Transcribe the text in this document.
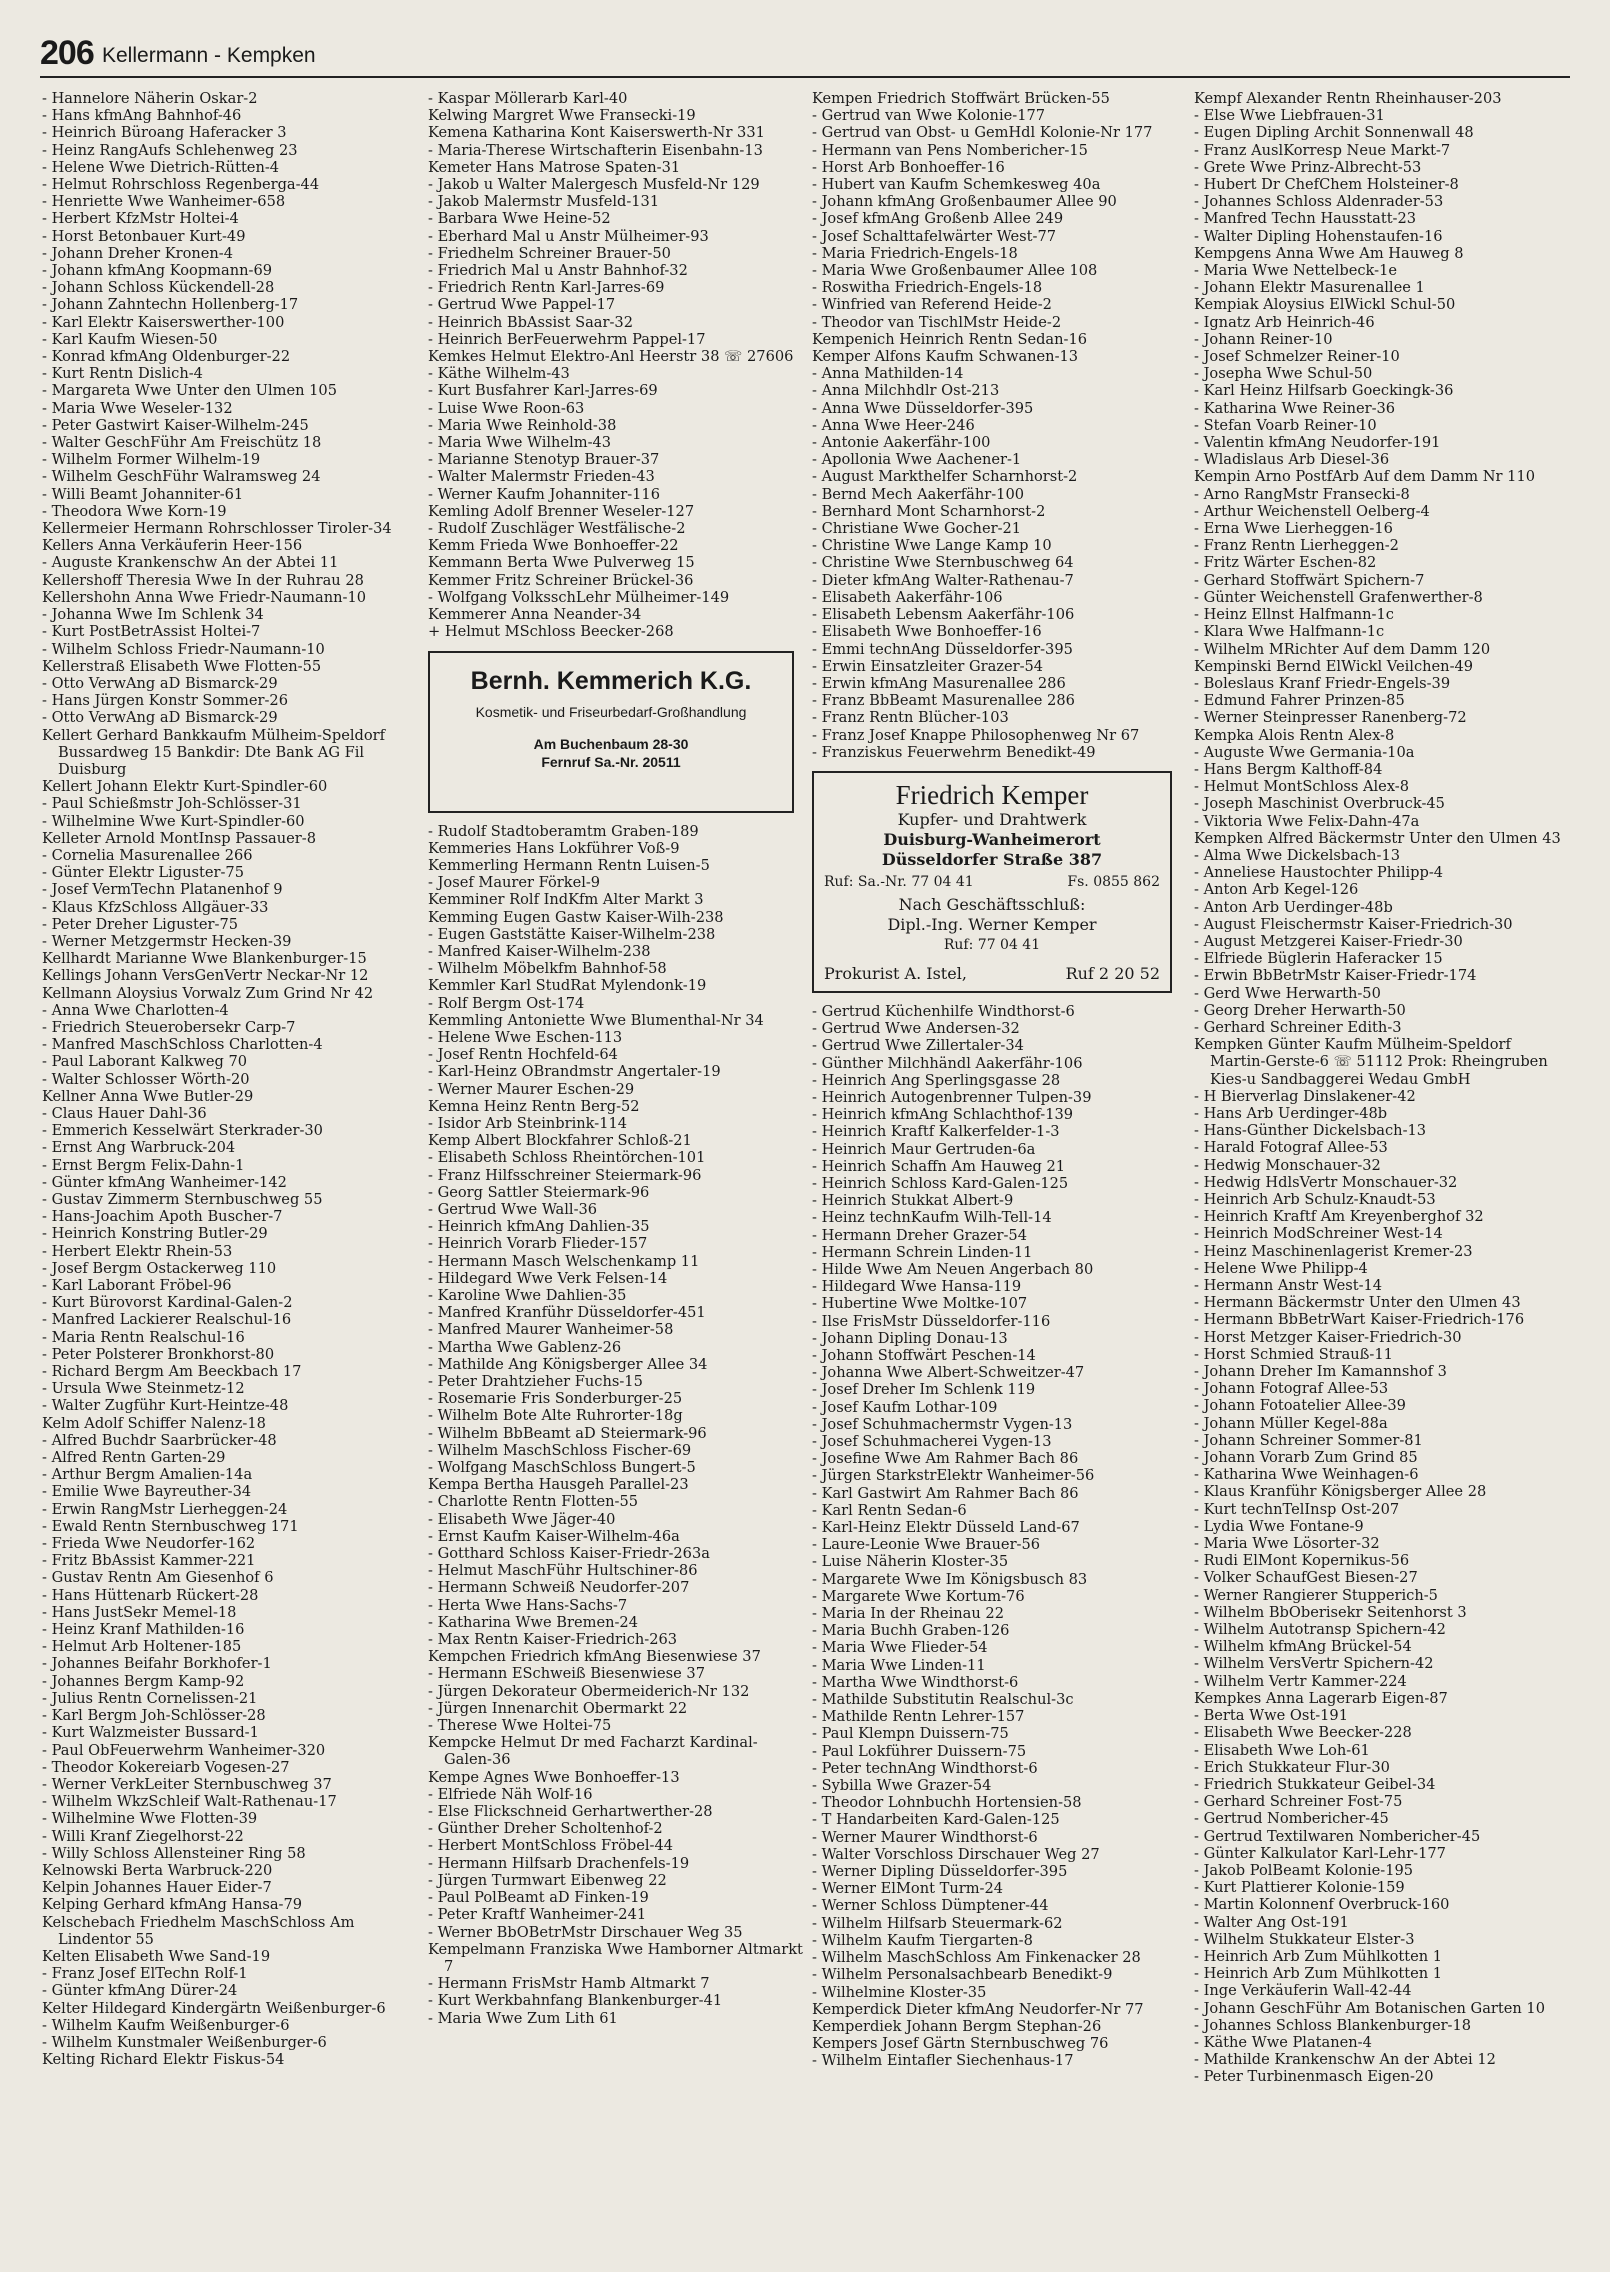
206 Kellermann - Kempken

- Hannelore Näherin Oskar-2

- Hans kfmAng Bahnhof-46

- Heinrich Büroang Haferacker 3

- Heinz RangAufs Schlehenweg 23

- Helene Wwe Dietrich-Rütten-4

- Helmut Rohrschloss Regenberga-44

- Henriette Wwe Wanheimer-658

- Herbert KfzMstr Holtei-4

- Horst Betonbauer Kurt-49

- Johann Dreher Kronen-4

- Johann kfmAng Koopmann-69

- Johann Schloss Kückendell-28

- Johann Zahntechn Hollenberg-17

- Karl Elektr Kaiserswerther-100

- Karl Kaufm Wiesen-50

- Konrad kfmAng Oldenburger-22

- Kurt Rentn Dislich-4

- Margareta Wwe Unter den Ulmen 105

- Maria Wwe Weseler-132

- Peter Gastwirt Kaiser-Wilhelm-245

- Walter GeschFühr Am Freischütz 18

- Wilhelm Former Wilhelm-19

- Wilhelm GeschFühr Walramsweg 24

- Willi Beamt Johanniter-61

- Theodora Wwe Korn-19

Kellermeier Hermann Rohrschlosser Tiroler-34

Kellers Anna Verkäuferin Heer-156

- Auguste Krankenschw An der Abtei 11

Kellershoff Theresia Wwe In der Ruhrau 28

Kellershohn Anna Wwe Friedr-Naumann-10

- Johanna Wwe Im Schlenk 34

- Kurt PostBetrAssist Holtei-7

- Wilhelm Schloss Friedr-Naumann-10

Kellerstraß Elisabeth Wwe Flotten-55

- Otto VerwAng aD Bismarck-29

- Hans Jürgen Konstr Sommer-26

- Otto VerwAng aD Bismarck-29

Kellert Gerhard Bankkaufm Mülheim-Speldorf Bussardweg 15 Bankdir: Dte Bank AG Fil Duisburg

Kellert Johann Elektr Kurt-Spindler-60

- Paul Schießmstr Joh-Schlösser-31

- Wilhelmine Wwe Kurt-Spindler-60

Kelleter Arnold MontInsp Passauer-8

- Cornelia Masurenallee 266

- Günter Elektr Liguster-75

- Josef VermTechn Platanenhof 9

- Klaus KfzSchloss Allgäuer-33

- Peter Dreher Liguster-75

- Werner Metzgermstr Hecken-39

Kellhardt Marianne Wwe Blankenburger-15

Kellings Johann VersGenVertr Neckar-Nr 12

Kellmann Aloysius Vorwalz Zum Grind Nr 42

- Anna Wwe Charlotten-4

- Friedrich Steuerobersekr Carp-7

- Manfred MaschSchloss Charlotten-4

- Paul Laborant Kalkweg 70

- Walter Schlosser Wörth-20

Kellner Anna Wwe Butler-29

- Claus Hauer Dahl-36

- Emmerich Kesselwärt Sterkrader-30

- Ernst Ang Warbruck-204

- Ernst Bergm Felix-Dahn-1

- Günter kfmAng Wanheimer-142

- Gustav Zimmerm Sternbuschweg 55

- Hans-Joachim Apoth Buscher-7

- Heinrich Konstring Butler-29

- Herbert Elektr Rhein-53

- Josef Bergm Ostackerweg 110

- Karl Laborant Fröbel-96

- Kurt Bürovorst Kardinal-Galen-2

- Manfred Lackierer Realschul-16

- Maria Rentn Realschul-16

- Peter Polsterer Bronkhorst-80

- Richard Bergm Am Beeckbach 17

- Ursula Wwe Steinmetz-12

- Walter Zugführ Kurt-Heintze-48

Kelm Adolf Schiffer Nalenz-18

- Alfred Buchdr Saarbrücker-48

- Alfred Rentn Garten-29

- Arthur Bergm Amalien-14a

- Emilie Wwe Bayreuther-34

- Erwin RangMstr Lierheggen-24

- Ewald Rentn Sternbuschweg 171

- Frieda Wwe Neudorfer-162

- Fritz BbAssist Kammer-221

- Gustav Rentn Am Giesenhof 6

- Hans Hüttenarb Rückert-28

- Hans JustSekr Memel-18

- Heinz Kranf Mathilden-16

- Helmut Arb Holtener-185

- Johannes Beifahr Borkhofer-1

- Johannes Bergm Kamp-92

- Julius Rentn Cornelissen-21

- Karl Bergm Joh-Schlösser-28

- Kurt Walzmeister Bussard-1

- Paul ObFeuerwehrm Wanheimer-320

- Theodor Kokereiarb Vogesen-27

- Werner VerkLeiter Sternbuschweg 37

- Wilhelm WkzSchleif Walt-Rathenau-17

- Wilhelmine Wwe Flotten-39

- Willi Kranf Ziegelhorst-22

- Willy Schloss Allensteiner Ring 58

Kelnowski Berta Warbruck-220

Kelpin Johannes Hauer Eider-7

Kelping Gerhard kfmAng Hansa-79

Kelschebach Friedhelm MaschSchloss Am Lindentor 55

Kelten Elisabeth Wwe Sand-19

- Franz Josef ElTechn Rolf-1

- Günter kfmAng Dürer-24

Kelter Hildegard Kindergärtn Weißenburger-6

- Wilhelm Kaufm Weißenburger-6

- Wilhelm Kunstmaler Weißenburger-6

Kelting Richard Elektr Fiskus-54

- Kaspar Möllerarb Karl-40

Kelwing Margret Wwe Fransecki-19

Kemena Katharina Kont Kaiserswerth-Nr 331

- Maria-Therese Wirtschafterin Eisenbahn-13

Kemeter Hans Matrose Spaten-31

- Jakob u Walter Malergesch Musfeld-Nr 129

- Jakob Malermstr Musfeld-131

- Barbara Wwe Heine-52

- Eberhard Mal u Anstr Mülheimer-93

- Friedhelm Schreiner Brauer-50

- Friedrich Mal u Anstr Bahnhof-32

- Friedrich Rentn Karl-Jarres-69

- Gertrud Wwe Pappel-17

- Heinrich BbAssist Saar-32

- Heinrich BerFeuerwehrm Pappel-17

Kemkes Helmut Elektro-Anl Heerstr 38 ☏ 27606

- Käthe Wilhelm-43

- Kurt Busfahrer Karl-Jarres-69

- Luise Wwe Roon-63

- Maria Wwe Reinhold-38

- Maria Wwe Wilhelm-43

- Marianne Stenotyp Brauer-37

- Walter Malermstr Frieden-43

- Werner Kaufm Johanniter-116

Kemling Adolf Brenner Weseler-127

- Rudolf Zuschläger Westfälische-2

Kemm Frieda Wwe Bonhoeffer-22

Kemmann Berta Wwe Pulverweg 15

Kemmer Fritz Schreiner Brückel-36

- Wolfgang VolksschLehr Mülheimer-149

Kemmerer Anna Neander-34

+ Helmut MSchloss Beecker-268

Bernh. Kemmerich K.G.
Kosmetik- und Friseurbedarf-Großhandlung
Am Buchenbaum 28-30
Fernruf Sa.-Nr. 20511

- Rudolf Stadtoberamtm Graben-189

Kemmeries Hans Lokführer Voß-9

Kemmerling Hermann Rentn Luisen-5

- Josef Maurer Förkel-9

Kemminer Rolf IndKfm Alter Markt 3

Kemming Eugen Gastw Kaiser-Wilh-238

- Eugen Gaststätte Kaiser-Wilhelm-238

- Manfred Kaiser-Wilhelm-238

- Wilhelm Möbelkfm Bahnhof-58

Kemmler Karl StudRat Mylendonk-19

- Rolf Bergm Ost-174

Kemmling Antoniette Wwe Blumenthal-Nr 34

- Helene Wwe Eschen-113

- Josef Rentn Hochfeld-64

- Karl-Heinz OBrandmstr Angertaler-19

- Werner Maurer Eschen-29

Kemna Heinz Rentn Berg-52

- Isidor Arb Steinbrink-114

Kemp Albert Blockfahrer Schloß-21

- Elisabeth Schloss Rheintörchen-101

- Franz Hilfsschreiner Steiermark-96

- Georg Sattler Steiermark-96

- Gertrud Wwe Wall-36

- Heinrich kfmAng Dahlien-35

- Heinrich Vorarb Flieder-157

- Hermann Masch Welschenkamp 11

- Hildegard Wwe Verk Felsen-14

- Karoline Wwe Dahlien-35

- Manfred Kranführ Düsseldorfer-451

- Manfred Maurer Wanheimer-58

- Martha Wwe Gablenz-26

- Mathilde Ang Königsberger Allee 34

- Peter Drahtzieher Fuchs-15

- Rosemarie Fris Sonderburger-25

- Wilhelm Bote Alte Ruhrorter-18g

- Wilhelm BbBeamt aD Steiermark-96

- Wilhelm MaschSchloss Fischer-69

- Wolfgang MaschSchloss Bungert-5

Kempa Bertha Hausgeh Parallel-23

- Charlotte Rentn Flotten-55

- Elisabeth Wwe Jäger-40

- Ernst Kaufm Kaiser-Wilhelm-46a

- Gotthard Schloss Kaiser-Friedr-263a

- Helmut MaschFühr Hultschiner-86

- Hermann Schweiß Neudorfer-207

- Herta Wwe Hans-Sachs-7

- Katharina Wwe Bremen-24

- Max Rentn Kaiser-Friedrich-263

Kempchen Friedrich kfmAng Biesenwiese 37

- Hermann ESchweiß Biesenwiese 37

- Jürgen Dekorateur Obermeiderich-Nr 132

- Jürgen Innenarchit Obermarkt 22

- Therese Wwe Holtei-75

Kempcke Helmut Dr med Facharzt Kardinal-Galen-36

Kempe Agnes Wwe Bonhoeffer-13

- Elfriede Näh Wolf-16

- Else Flickschneid Gerhartwerther-28

- Günther Dreher Scholtenhof-2

- Herbert MontSchloss Fröbel-44

- Hermann Hilfsarb Drachenfels-19

- Jürgen Turmwart Eibenweg 22

- Paul PolBeamt aD Finken-19

- Peter Kraftf Wanheimer-241

- Werner BbOBetrMstr Dirschauer Weg 35

Kempelmann Franziska Wwe Hamborner Altmarkt 7

- Hermann FrisMstr Hamb Altmarkt 7

- Kurt Werkbahnfang Blankenburger-41

- Maria Wwe Zum Lith 61

Kempen Friedrich Stoffwärt Brücken-55

- Gertrud van Wwe Kolonie-177

- Gertrud van Obst- u GemHdl Kolonie-Nr 177

- Hermann van Pens Nombericher-15

- Horst Arb Bonhoeffer-16

- Hubert van Kaufm Schemkesweg 40a

- Johann kfmAng Großenbaumer Allee 90

- Josef kfmAng Großenb Allee 249

- Josef Schalttafelwärter West-77

- Maria Friedrich-Engels-18

- Maria Wwe Großenbaumer Allee 108

- Roswitha Friedrich-Engels-18

- Winfried van Referend Heide-2

- Theodor van TischlMstr Heide-2

Kempenich Heinrich Rentn Sedan-16

Kemper Alfons Kaufm Schwanen-13

- Anna Mathilden-14

- Anna Milchhdlr Ost-213

- Anna Wwe Düsseldorfer-395

- Anna Wwe Heer-246

- Antonie Aakerfähr-100

- Apollonia Wwe Aachener-1

- August Markthelfer Scharnhorst-2

- Bernd Mech Aakerfähr-100

- Bernhard Mont Scharnhorst-2

- Christiane Wwe Gocher-21

- Christine Wwe Lange Kamp 10

- Christine Wwe Sternbuschweg 64

- Dieter kfmAng Walter-Rathenau-7

- Elisabeth Aakerfähr-106

- Elisabeth Lebensm Aakerfähr-106

- Elisabeth Wwe Bonhoeffer-16

- Emmi technAng Düsseldorfer-395

- Erwin Einsatzleiter Grazer-54

- Erwin kfmAng Masurenallee 286

- Franz BbBeamt Masurenallee 286

- Franz Rentn Blücher-103

- Franz Josef Knappe Philosophenweg Nr 67

- Franziskus Feuerwehrm Benedikt-49

Friedrich Kemper
Kupfer- und Drahtwerk
Duisburg-Wanheimerort
Düsseldorfer Straße 387
Ruf: Sa.-Nr. 77 04 41	Fs. 0855 862
Nach Geschäftsschluß:
Dipl.-Ing. Werner Kemper
Ruf: 77 04 41
Prokurist A. Istel,	Ruf 2 20 52

- Gertrud Küchenhilfe Windthorst-6

- Gertrud Wwe Andersen-32

- Gertrud Wwe Zillertaler-34

- Günther Milchhändl Aakerfähr-106

- Heinrich Ang Sperlingsgasse 28

- Heinrich Autogenbrenner Tulpen-39

- Heinrich kfmAng Schlachthof-139

- Heinrich Kraftf Kalkerfelder-1-3

- Heinrich Maur Gertruden-6a

- Heinrich Schaffn Am Hauweg 21

- Heinrich Schloss Kard-Galen-125

- Heinrich Stukkat Albert-9

- Heinz technKaufm Wilh-Tell-14

- Hermann Dreher Grazer-54

- Hermann Schrein Linden-11

- Hilde Wwe Am Neuen Angerbach 80

- Hildegard Wwe Hansa-119

- Hubertine Wwe Moltke-107

- Ilse FrisMstr Düsseldorfer-116

- Johann Dipling Donau-13

- Johann Stoffwärt Peschen-14

- Johanna Wwe Albert-Schweitzer-47

- Josef Dreher Im Schlenk 119

- Josef Kaufm Lothar-109

- Josef Schuhmachermstr Vygen-13

- Josef Schuhmacherei Vygen-13

- Josefine Wwe Am Rahmer Bach 86

- Jürgen StarkstrElektr Wanheimer-56

- Karl Gastwirt Am Rahmer Bach 86

- Karl Rentn Sedan-6

- Karl-Heinz Elektr Düsseld Land-67

- Laure-Leonie Wwe Brauer-56

- Luise Näherin Kloster-35

- Margarete Wwe Im Königsbusch 83

- Margarete Wwe Kortum-76

- Maria In der Rheinau 22

- Maria Buchh Graben-126

- Maria Wwe Flieder-54

- Maria Wwe Linden-11

- Martha Wwe Windthorst-6

- Mathilde Substitutin Realschul-3c

- Mathilde Rentn Lehrer-157

- Paul Klempn Duissern-75

- Paul Lokführer Duissern-75

- Peter technAng Windthorst-6

- Sybilla Wwe Grazer-54

- Theodor Lohnbuchh Hortensien-58

- T Handarbeiten Kard-Galen-125

- Werner Maurer Windthorst-6

- Walter Vorschloss Dirschauer Weg 27

- Werner Dipling Düsseldorfer-395

- Werner ElMont Turm-24

- Werner Schloss Dümptener-44

- Wilhelm Hilfsarb Steuermark-62

- Wilhelm Kaufm Tiergarten-8

- Wilhelm MaschSchloss Am Finkenacker 28

- Wilhelm Personalsachbearb Benedikt-9

- Wilhelmine Kloster-35

Kemperdick Dieter kfmAng Neudorfer-Nr 77

Kemperdiek Johann Bergm Stephan-26

Kempers Josef Gärtn Sternbuschweg 76

- Wilhelm Eintafler Siechenhaus-17

Kempf Alexander Rentn Rheinhauser-203

- Else Wwe Liebfrauen-31

- Eugen Dipling Archit Sonnenwall 48

- Franz AuslKorresp Neue Markt-7

- Grete Wwe Prinz-Albrecht-53

- Hubert Dr ChefChem Holsteiner-8

- Johannes Schloss Aldenrader-53

- Manfred Techn Hausstatt-23

- Walter Dipling Hohenstaufen-16

Kempgens Anna Wwe Am Hauweg 8

- Maria Wwe Nettelbeck-1e

- Johann Elektr Masurenallee 1

Kempiak Aloysius ElWickl Schul-50

- Ignatz Arb Heinrich-46

- Johann Reiner-10

- Josef Schmelzer Reiner-10

- Josepha Wwe Schul-50

- Karl Heinz Hilfsarb Goeckingk-36

- Katharina Wwe Reiner-36

- Stefan Voarb Reiner-10

- Valentin kfmAng Neudorfer-191

- Wladislaus Arb Diesel-36

Kempin Arno PostfArb Auf dem Damm Nr 110

- Arno RangMstr Fransecki-8

- Arthur Weichenstell Oelberg-4

- Erna Wwe Lierheggen-16

- Franz Rentn Lierheggen-2

- Fritz Wärter Eschen-82

- Gerhard Stoffwärt Spichern-7

- Günter Weichenstell Grafenwerther-8

- Heinz Ellnst Halfmann-1c

- Klara Wwe Halfmann-1c

- Wilhelm MRichter Auf dem Damm 120

Kempinski Bernd ElWickl Veilchen-49

- Boleslaus Kranf Friedr-Engels-39

- Edmund Fahrer Prinzen-85

- Werner Steinpresser Ranenberg-72

Kempka Alois Rentn Alex-8

- Auguste Wwe Germania-10a

- Hans Bergm Kalthoff-84

- Helmut MontSchloss Alex-8

- Joseph Maschinist Overbruck-45

- Viktoria Wwe Felix-Dahn-47a

Kempken Alfred Bäckermstr Unter den Ulmen 43

- Alma Wwe Dickelsbach-13

- Anneliese Haustochter Philipp-4

- Anton Arb Kegel-126

- Anton Arb Uerdinger-48b

- August Fleischermstr Kaiser-Friedrich-30

- August Metzgerei Kaiser-Friedr-30

- Elfriede Büglerin Haferacker 15

- Erwin BbBetrMstr Kaiser-Friedr-174

- Gerd Wwe Herwarth-50

- Georg Dreher Herwarth-50

- Gerhard Schreiner Edith-3

Kempken Günter Kaufm Mülheim-Speldorf Martin-Gerste-6 ☏ 51112 Prok: Rheingruben Kies-u Sandbaggerei Wedau GmbH

- H Bierverlag Dinslakener-42

- Hans Arb Uerdinger-48b

- Hans-Günther Dickelsbach-13

- Harald Fotograf Allee-53

- Hedwig Monschauer-32

- Hedwig HdlsVertr Monschauer-32

- Heinrich Arb Schulz-Knaudt-53

- Heinrich Kraftf Am Kreyenberghof 32

- Heinrich ModSchreiner West-14

- Heinz Maschinenlagerist Kremer-23

- Helene Wwe Philipp-4

- Hermann Anstr West-14

- Hermann Bäckermstr Unter den Ulmen 43

- Hermann BbBetrWart Kaiser-Friedrich-176

- Horst Metzger Kaiser-Friedrich-30

- Horst Schmied Strauß-11

- Johann Dreher Im Kamannshof 3

- Johann Fotograf Allee-53

- Johann Fotoatelier Allee-39

- Johann Müller Kegel-88a

- Johann Schreiner Sommer-81

- Johann Vorarb Zum Grind 85

- Katharina Wwe Weinhagen-6

- Klaus Kranführ Königsberger Allee 28

- Kurt technTelInsp Ost-207

- Lydia Wwe Fontane-9

- Maria Wwe Lösorter-32

- Rudi ElMont Kopernikus-56

- Volker SchaufGest Biesen-27

- Werner Rangierer Stupperich-5

- Wilhelm BbOberisekr Seitenhorst 3

- Wilhelm Autotransp Spichern-42

- Wilhelm kfmAng Brückel-54

- Wilhelm VersVertr Spichern-42

- Wilhelm Vertr Kammer-224

Kempkes Anna Lagerarb Eigen-87

- Berta Wwe Ost-191

- Elisabeth Wwe Beecker-228

- Elisabeth Wwe Loh-61

- Erich Stukkateur Flur-30

- Friedrich Stukkateur Geibel-34

- Gerhard Schreiner Fost-75

- Gertrud Nombericher-45

- Gertrud Textilwaren Nombericher-45

- Günter Kalkulator Karl-Lehr-177

- Jakob PolBeamt Kolonie-195

- Kurt Plattierer Kolonie-159

- Martin Kolonnenf Overbruck-160

- Walter Ang Ost-191

- Wilhelm Stukkateur Elster-3

- Heinrich Arb Zum Mühlkotten 1

- Heinrich Arb Zum Mühlkotten 1

- Inge Verkäuferin Wall-42-44

- Johann GeschFühr Am Botanischen Garten 10

- Johannes Schloss Blankenburger-18

- Käthe Wwe Platanen-4

- Mathilde Krankenschw An der Abtei 12

- Peter Turbinenmasch Eigen-20
